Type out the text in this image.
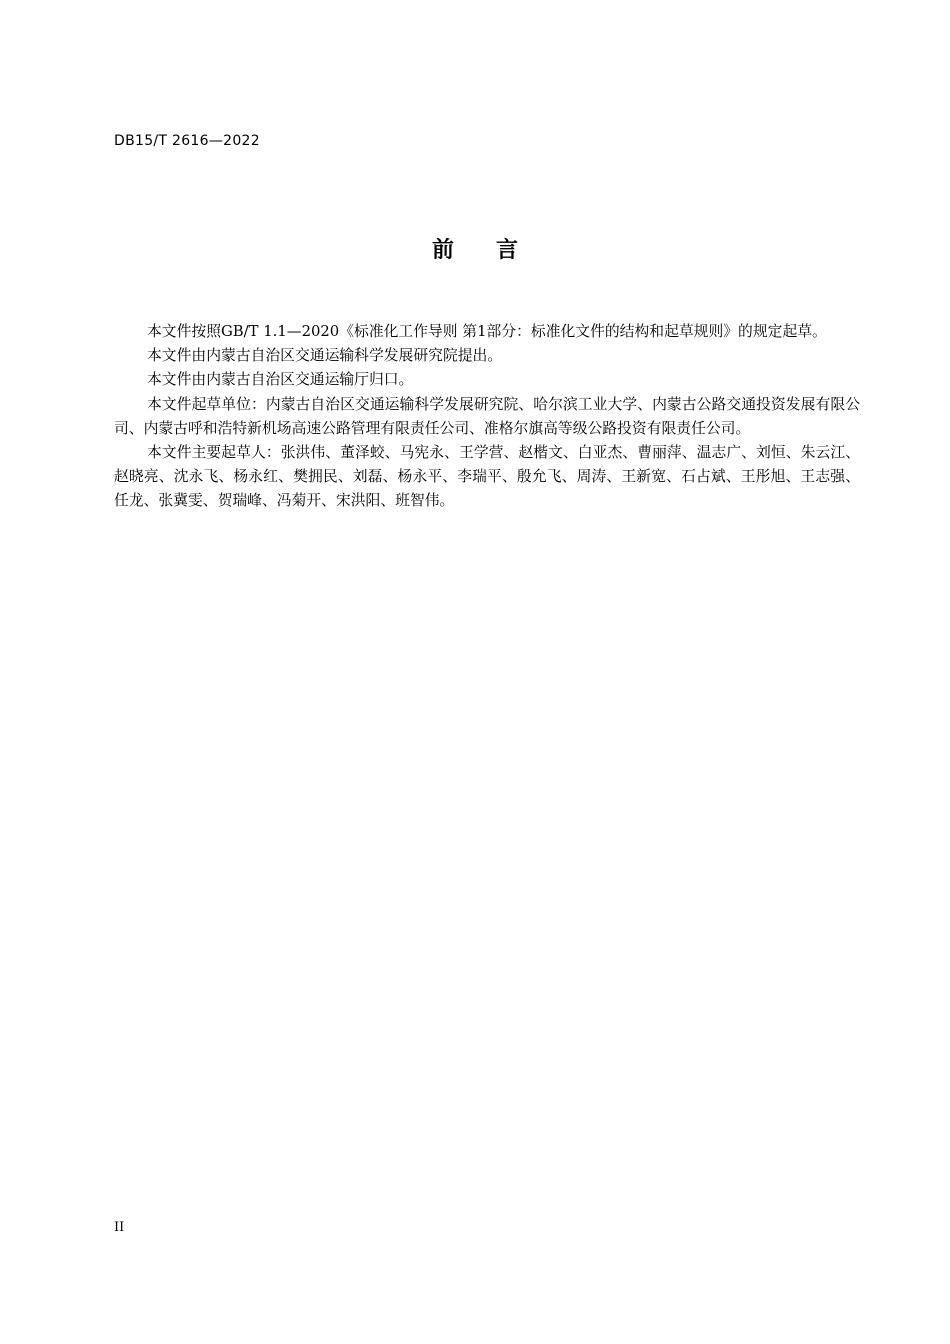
DB15/T 2616—2022
前言

本文件按照GB/T 1.1—2020《标准化工作导则 第1部分：标准化文件的结构和起草规则》的规定起草。

本文件由内蒙古自治区交通运输科学发展研究院提出。

本文件由内蒙古自治区交通运输厅归口。

本文件起草单位：内蒙古自治区交通运输科学发展研究院、哈尔滨工业大学、内蒙古公路交通投资发展有限公司、内蒙古呼和浩特新机场高速公路管理有限责任公司、准格尔旗高等级公路投资有限责任公司。

本文件主要起草人：张洪伟、董泽蛟、马宪永、王学营、赵楷文、白亚杰、曹丽萍、温志广、刘恒、朱云江、赵晓亮、沈永飞、杨永红、樊拥民、刘磊、杨永平、李瑞平、殷允飞、周涛、王新宽、石占斌、王彤旭、王志强、任龙、张冀雯、贺瑞峰、冯菊开、宋洪阳、班智伟。

II
